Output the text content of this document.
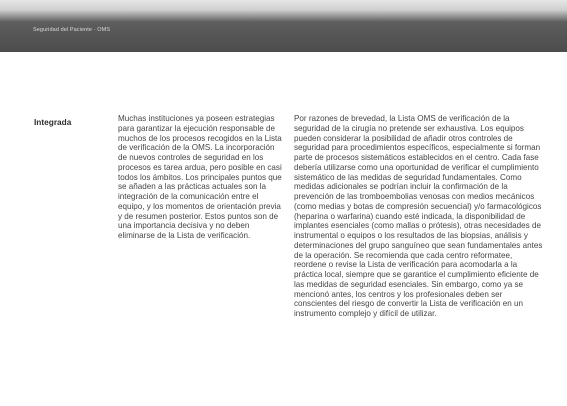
Seguridad del Paciente · OMS
Integrada	Muchas instituciones ya poseen estrategias para garantizar la ejecución responsable de muchos de los procesos recogidos en la Lista de verificación de la OMS. La incorporación de nuevos controles de seguridad en los procesos es tarea ardua, pero posible en casi todos los ámbitos. Los principales puntos que se añaden a las prácticas actuales son la integración de la comunicación entre el equipo, y los momentos de orientación previa y de resumen posterior. Estos puntos son de una importancia decisiva y no deben eliminarse de la Lista de verificación.

Por razones de brevedad, la Lista OMS de verificación de la seguridad de la cirugía no pretende ser exhaustiva. Los equipos pueden considerar la posibilidad de añadir otros controles de seguridad para procedimientos específicos, especialmente si forman parte de procesos sistemáticos establecidos en el centro. Cada fase debería utilizarse como una oportunidad de verificar el cumplimiento sistemático de las medidas de seguridad fundamentales. Como medidas adicionales se podrían incluir la confirmación de la prevención de las tromboembolias venosas con medios mecánicos (como medias y botas de compresión secuencial) y/o farmacológicos (heparina o warfarina) cuando esté indicada, la disponibilidad de implantes esenciales (como mallas o prótesis), otras necesidades de instrumental o equipos o los resultados de las biopsias, análisis y determinaciones del grupo sanguíneo que sean fundamentales antes de la operación. Se recomienda que cada centro reformatee, reordene o revise la Lista de verificación para acomodarla a la práctica local, siempre que se garantice el cumplimiento eficiente de las medidas de seguridad esenciales. Sin embargo, como ya se mencionó antes, los centros y los profesionales deben ser conscientes del riesgo de convertir la Lista de verificación en un instrumento complejo y difícil de utilizar.
